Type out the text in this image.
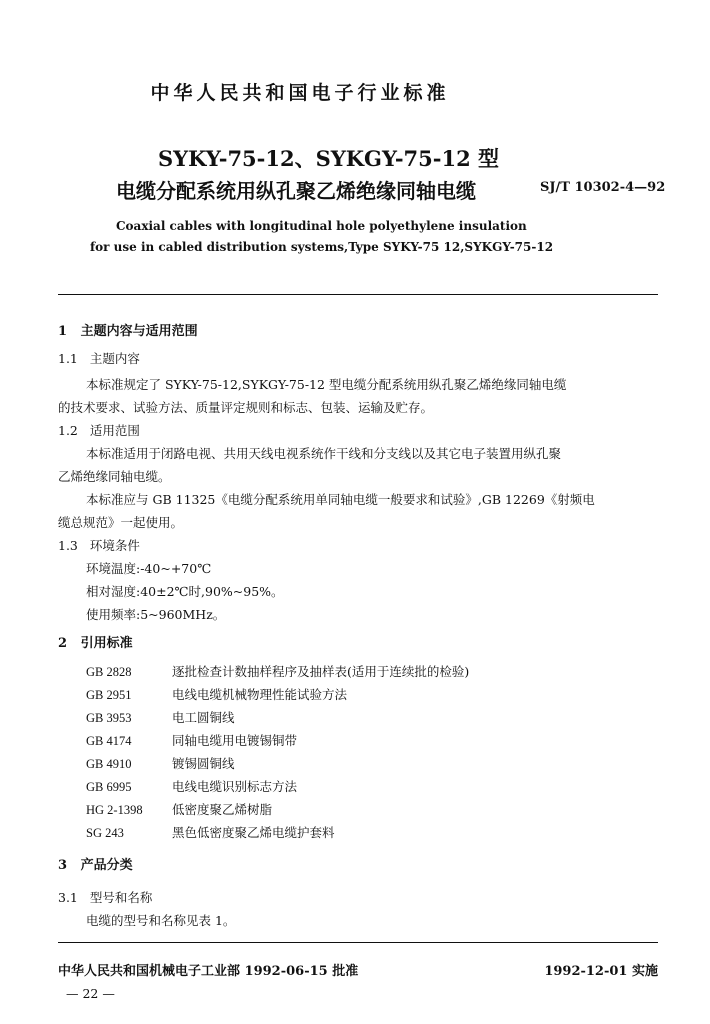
中华人民共和国电子行业标准
SYKY-75-12、SYKGY-75-12 型
电缆分配系统用纵孔聚乙烯绝缘同轴电缆	SJ/T 10302-4—92
Coaxial cables with longitudinal hole polyethylene insulation
for use in cabled distribution systems,Type SYKY-75 12,SYKGY-75-12
1 主题内容与适用范围
1.1 主题内容
本标准规定了 SYKY-75-12,SYKGY-75-12 型电缆分配系统用纵孔聚乙烯绝缘同轴电缆
的技术要求、试验方法、质量评定规则和标志、包装、运输及贮存。
1.2 适用范围
本标准适用于闭路电视、共用天线电视系统作干线和分支线以及其它电子装置用纵孔聚
乙烯绝缘同轴电缆。
本标准应与 GB 11325《电缆分配系统用单同轴电缆一般要求和试验》,GB 12269《射频电
缆总规范》一起使用。
1.3 环境条件
环境温度:-40~+70℃
相对湿度:40±2℃时,90%~95%。
使用频率:5~960MHz。
2 引用标准
GB 2828	逐批检查计数抽样程序及抽样表(适用于连续批的检验)
GB 2951	电线电缆机械物理性能试验方法
GB 3953	电工圆铜线
GB 4174	同轴电缆用电镀锡铜带
GB 4910	镀锡圆铜线
GB 6995	电线电缆识别标志方法
HG 2-1398 低密度聚乙烯树脂
SG 243	黑色低密度聚乙烯电缆护套料
3 产品分类
3.1 型号和名称
电缆的型号和名称见表 1。
中华人民共和国机械电子工业部 1992-06-15 批准	1992-12-01 实施
— 22 —
